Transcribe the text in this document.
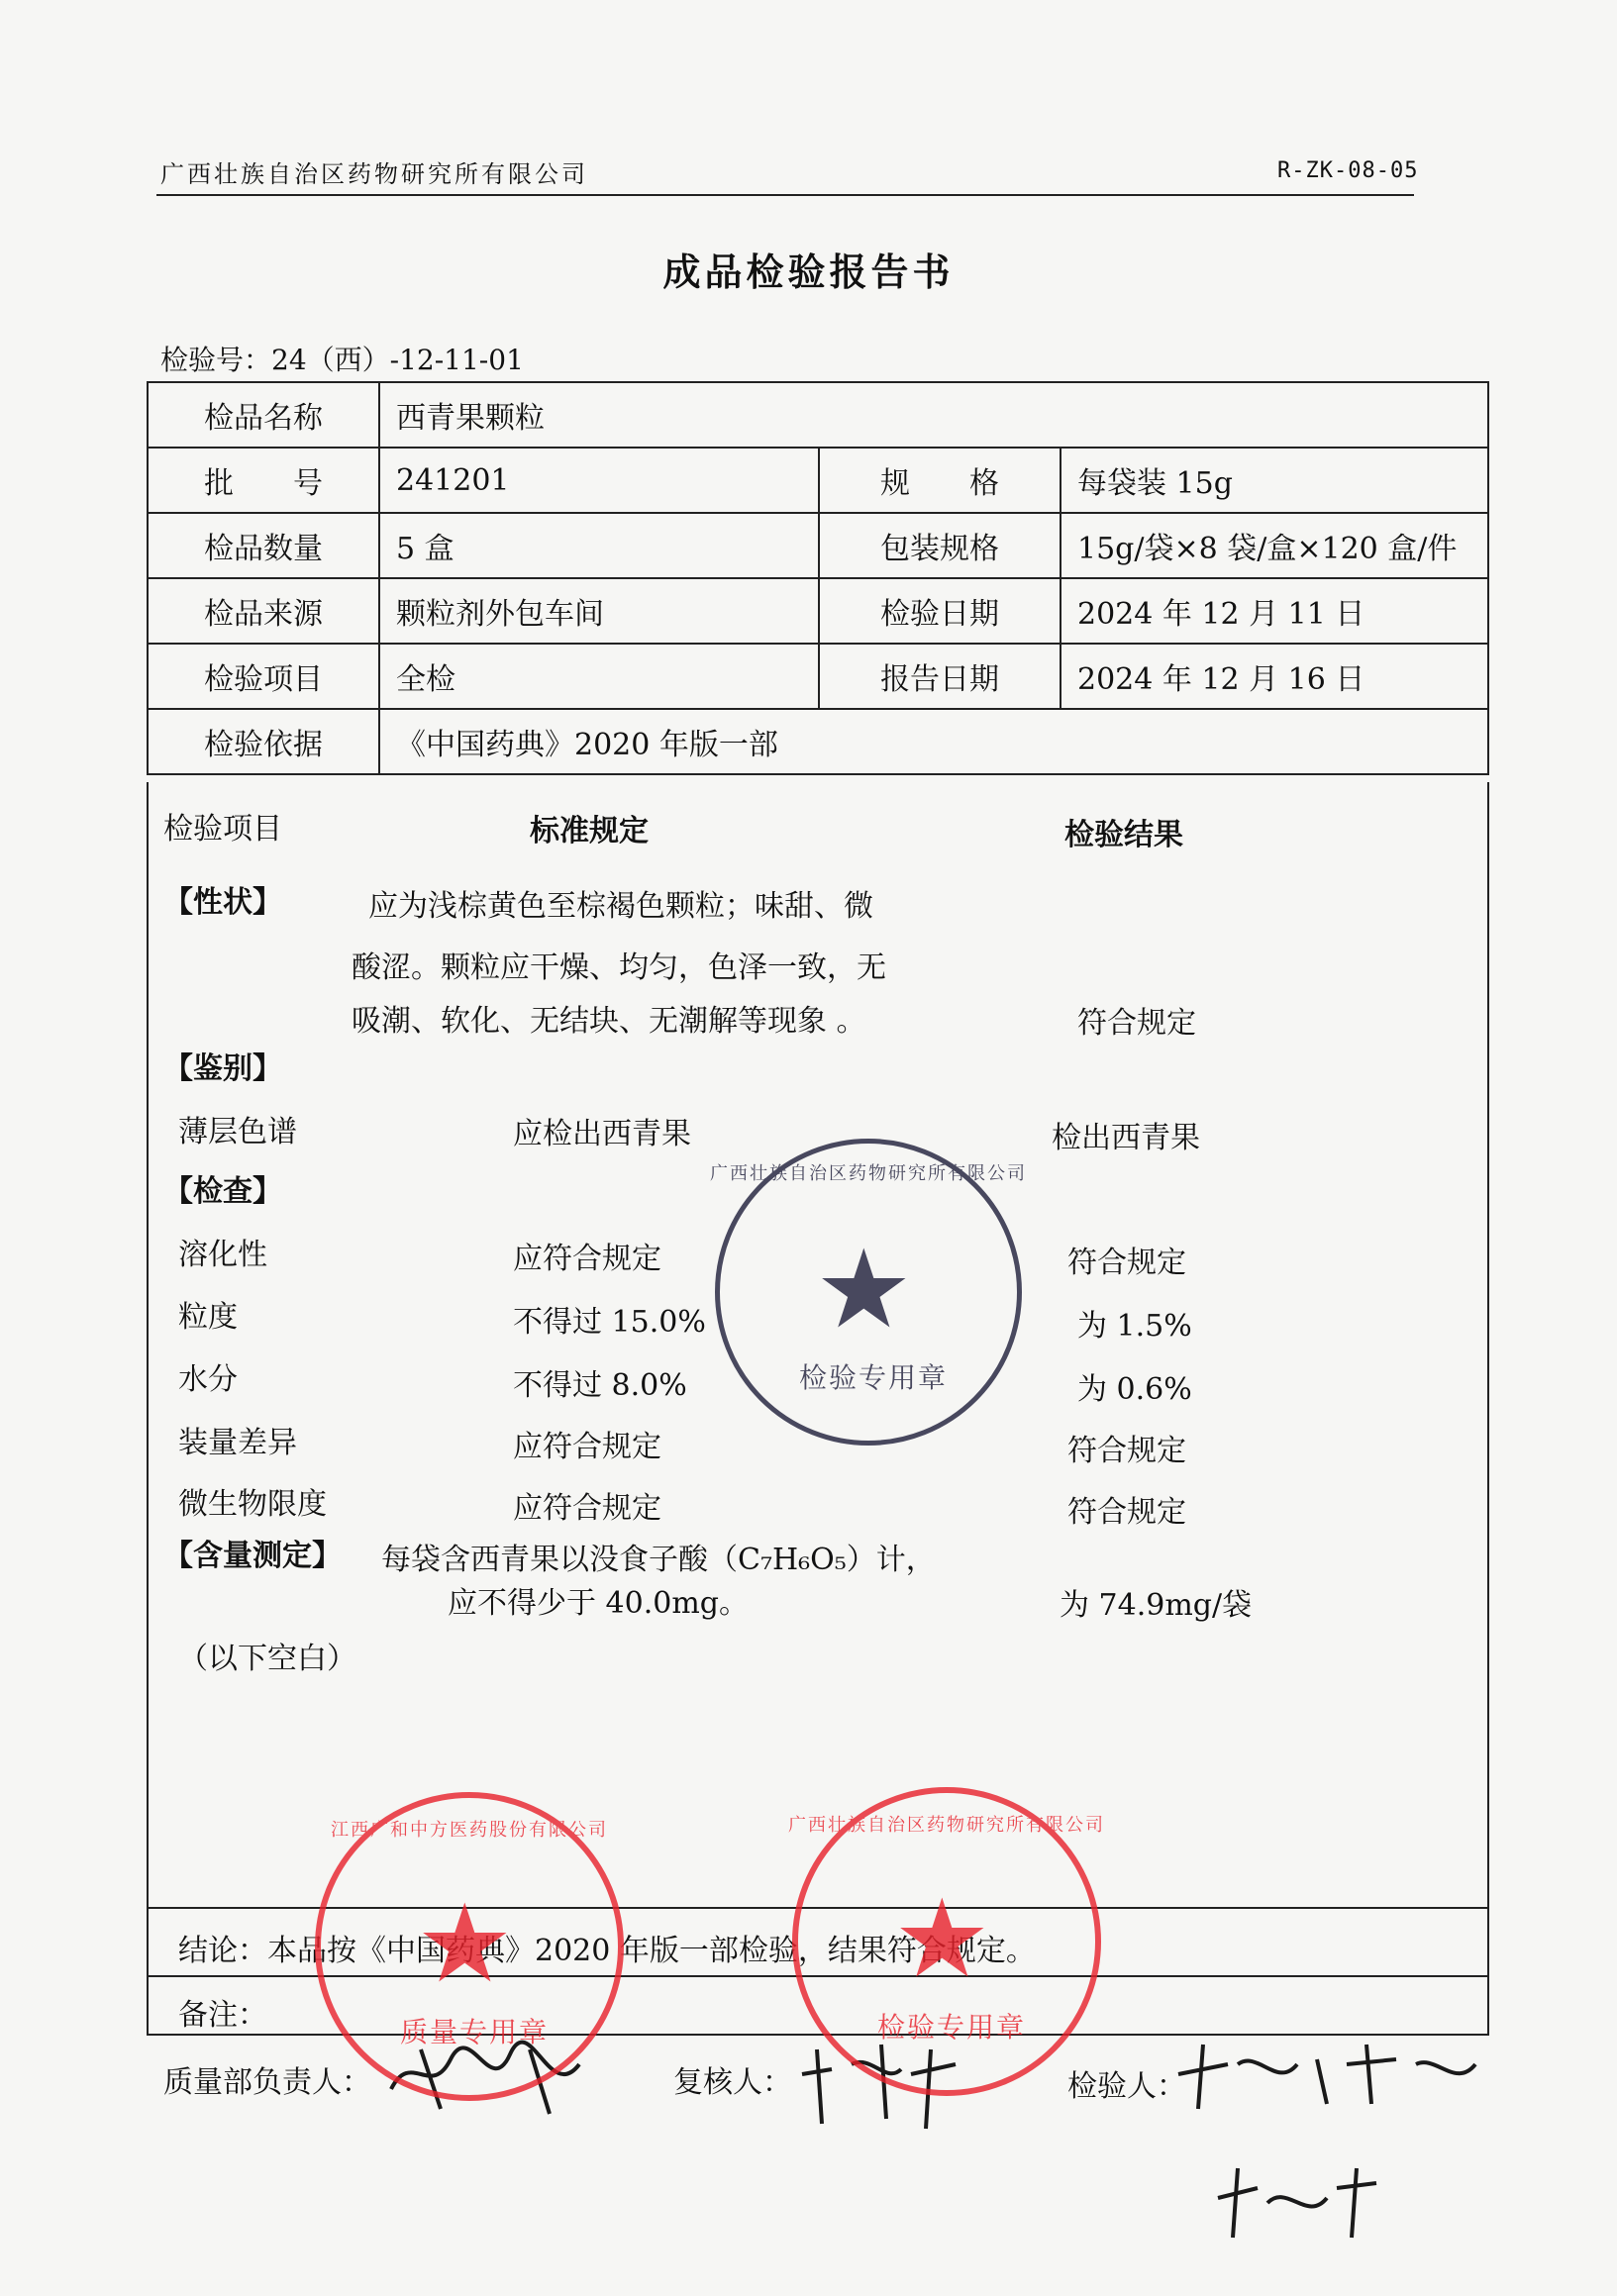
广西壮族自治区药物研究所有限公司	R-ZK-08-05
成品检验报告书
检验号：24（西）-12-11-01
检品名称	西青果颗粒		
批　　号	241201	规　　格	每袋装 15g
检品数量	5 盒	包装规格	15g/袋×8 袋/盒×120 盒/件
检品来源	颗粒剂外包车间	检验日期	2024 年 12 月 11 日
检验项目	全检	报告日期	2024 年 12 月 16 日
检验依据	《中国药典》2020 年版一部		
检验项目	标准规定	检验结果
【性状】	应为浅棕黄色至棕褐色颗粒；味甜、微
酸涩。颗粒应干燥、均匀，色泽一致，无
吸潮、软化、无结块、无潮解等现象 。	符合规定
【鉴别】
薄层色谱	应检出西青果	检出西青果
【检查】
溶化性	应符合规定	符合规定
粒度	不得过 15.0%	为 1.5%
水分	不得过 8.0%	为 0.6%
装量差异	应符合规定	符合规定
微生物限度	应符合规定	符合规定
【含量测定】 每袋含西青果以没食子酸（C₇H₆O₅）计，
应不得少于 40.0mg。	为 74.9mg/袋
（以下空白）
结论：本品按《中国药典》2020 年版一部检验，结果符合规定。
备注：
质量部负责人：	复核人：	检验人：
★
广西壮族自治区药物研究所有限公司
检验专用章
★
江西广和中方医药股份有限公司
质量专用章
★
广西壮族自治区药物研究所有限公司
检验专用章
